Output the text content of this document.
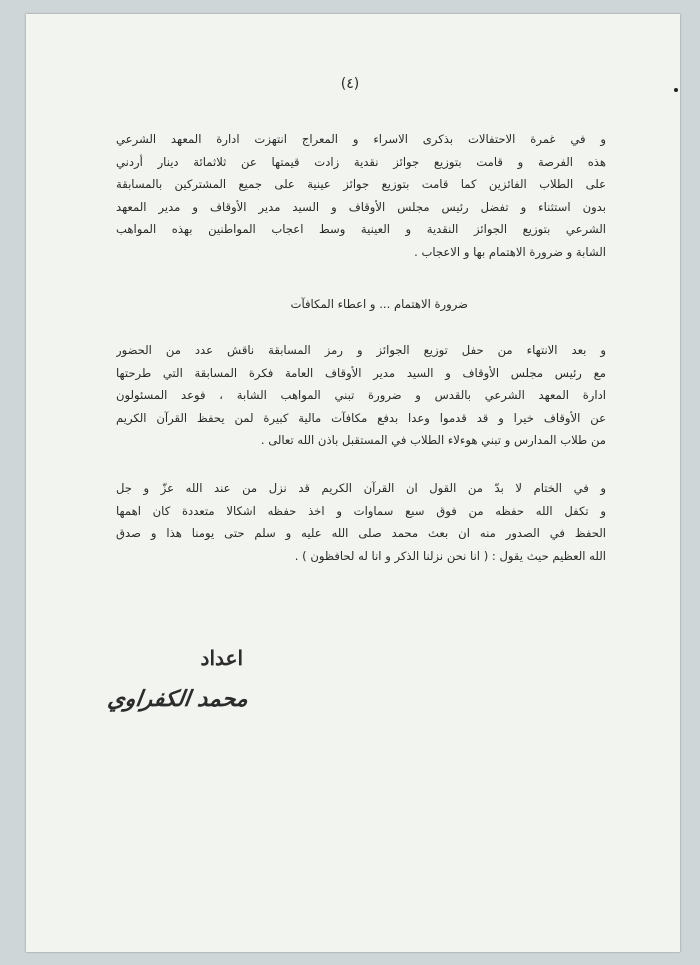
(٤)
و في غمرة الاحتفالات بذكرى الاسراء و المعراج انتهزت ادارة المعهد الشرعي
هذه الفرصة و قامت بتوزيع جوائز نقدية زادت قيمتها عن ثلاثمائة دينار أردني
على الطلاب الفائزين كما قامت بتوزيع جوائز عينية على جميع المشتركين بالمسابقة
بدون استثناء و تفضل رئيس مجلس الأوقاف و السيد مدير الأوقاف و مدير المعهد
الشرعي بتوزيع الجوائز النقدية و العينية وسط اعجاب المواطنين بهذه المواهب
الشابة و ضرورة الاهتمام بها و الاعجاب .
ضرورة الاهتمام ... و اعطاء المكافآت
و بعد الانتهاء من حفل توزيع الجوائز و رمز المسابقة ناقش عدد من الحضور
مع رئيس مجلس الأوقاف و السيد مدير الأوقاف العامة فكرة المسابقة التي طرحتها
ادارة المعهد الشرعي بالقدس و ضرورة تبني المواهب الشابة ، فوعد المسئولون
عن الأوقاف خيرا و قد قدموا وعدا بدفع مكافآت مالية كبيرة لمن يحفظ القرآن الكريم
من طلاب المدارس و تبني هوءلاء الطلاب في المستقبل باذن الله تعالى .
و في الختام لا بدّ من القول ان القرآن الكريم قد نزل من عند الله عزّ و جل
و تكفل الله حفظه من فوق سبع سماوات و اخذ حفظه اشكالا متعددة كان اهمها
الحفظ في الصدور منه ان بعث محمد صلى الله عليه و سلم حتى يومنا هذا و صدق
الله العظيم حيث يقول : ( انا نحن نزلنا الذكر و انا له لحافظون ) .
اعداد
محمد الكفراوي
